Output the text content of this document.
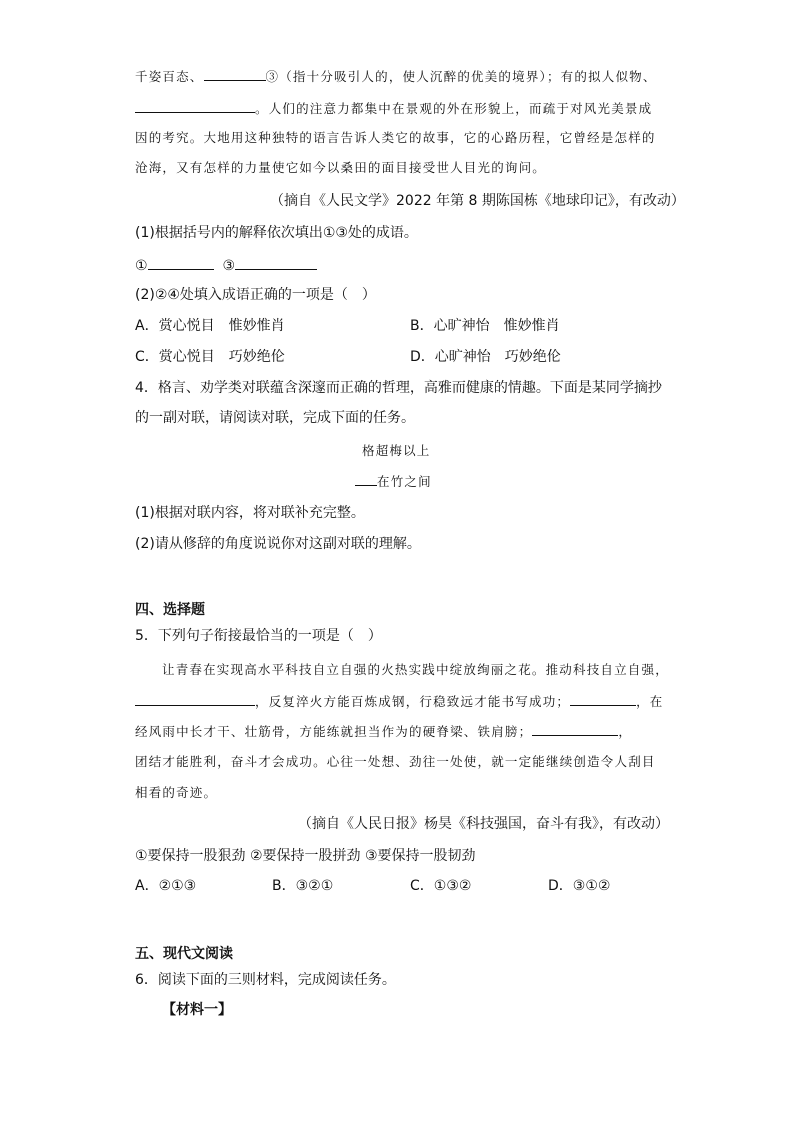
千姿百态、	③（指十分吸引人的，使人沉醉的优美的境界）；有的拟人似物、
。人们的注意力都集中在景观的外在形貌上，而疏于对风光美景成
因的考究。大地用这种独特的语言告诉人类它的故事，它的心路历程，它曾经是怎样的
沧海，又有怎样的力量使它如今以桑田的面目接受世人目光的询问。
（摘自《人民文学》2022 年第 8 期陈国栋《地球印记》，有改动）
(1)根据括号内的解释依次填出①③处的成语。
①	③
(2)②④处填入成语正确的一项是（　）
A．赏心悦目　惟妙惟肖	B．心旷神怡　惟妙惟肖
C．赏心悦目　巧妙绝伦	D．心旷神怡　巧妙绝伦
4．格言、劝学类对联蕴含深邃而正确的哲理，高雅而健康的情趣。下面是某同学摘抄
的一副对联，请阅读对联，完成下面的任务。
格超梅以上
在竹之间
(1)根据对联内容，将对联补充完整。
(2)请从修辞的角度说说你对这副对联的理解。
四、选择题
5．下列句子衔接最恰当的一项是（　）
让青春在实现高水平科技自立自强的火热实践中绽放绚丽之花。推动科技自立自强，
，反复淬火方能百炼成钢，行稳致远才能书写成功；	，在
经风雨中长才干、壮筋骨，方能练就担当作为的硬脊梁、铁肩膀；	，
团结才能胜利，奋斗才会成功。心往一处想、劲往一处使，就一定能继续创造令人刮目
相看的奇迹。
（摘自《人民日报》杨昊《科技强国，奋斗有我》，有改动）
①要保持一股狠劲 ②要保持一股拼劲 ③要保持一股韧劲
A．②①③	B．③②①	C．①③②	D．③①②
五、现代文阅读
6．阅读下面的三则材料，完成阅读任务。
【材料一】
